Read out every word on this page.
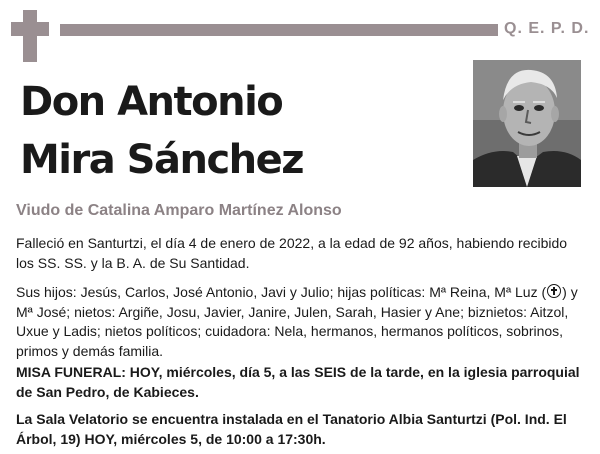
Q. E. P. D.
Don Antonio
Mira Sánchez
Viudo de Catalina Amparo Martínez Alonso
Falleció en Santurtzi, el día 4 de enero de 2022, a la edad de 92 años, habiendo recibido los SS. SS. y la B. A. de Su Santidad.
Sus hijos: Jesús, Carlos, José Antonio, Javi y Julio; hijas políticas: Mª Reina, Mª Luz ( ) y Mª José; nietos: Argiñe, Josu, Javier, Janire, Julen, Sarah, Hasier y Ane; biznietos: Aitzol, Uxue y Ladis; nietos políticos; cuidadora: Nela, hermanos, hermanos políticos, sobrinos, primos y demás familia.
MISA FUNERAL: HOY, miércoles, día 5, a las SEIS de la tarde, en la iglesia parroquial de San Pedro, de Kabieces.
La Sala Velatorio se encuentra instalada en el Tanatorio Albia Santurtzi (Pol. Ind. El Árbol, 19) HOY, miércoles 5, de 10:00 a 17:30h.
